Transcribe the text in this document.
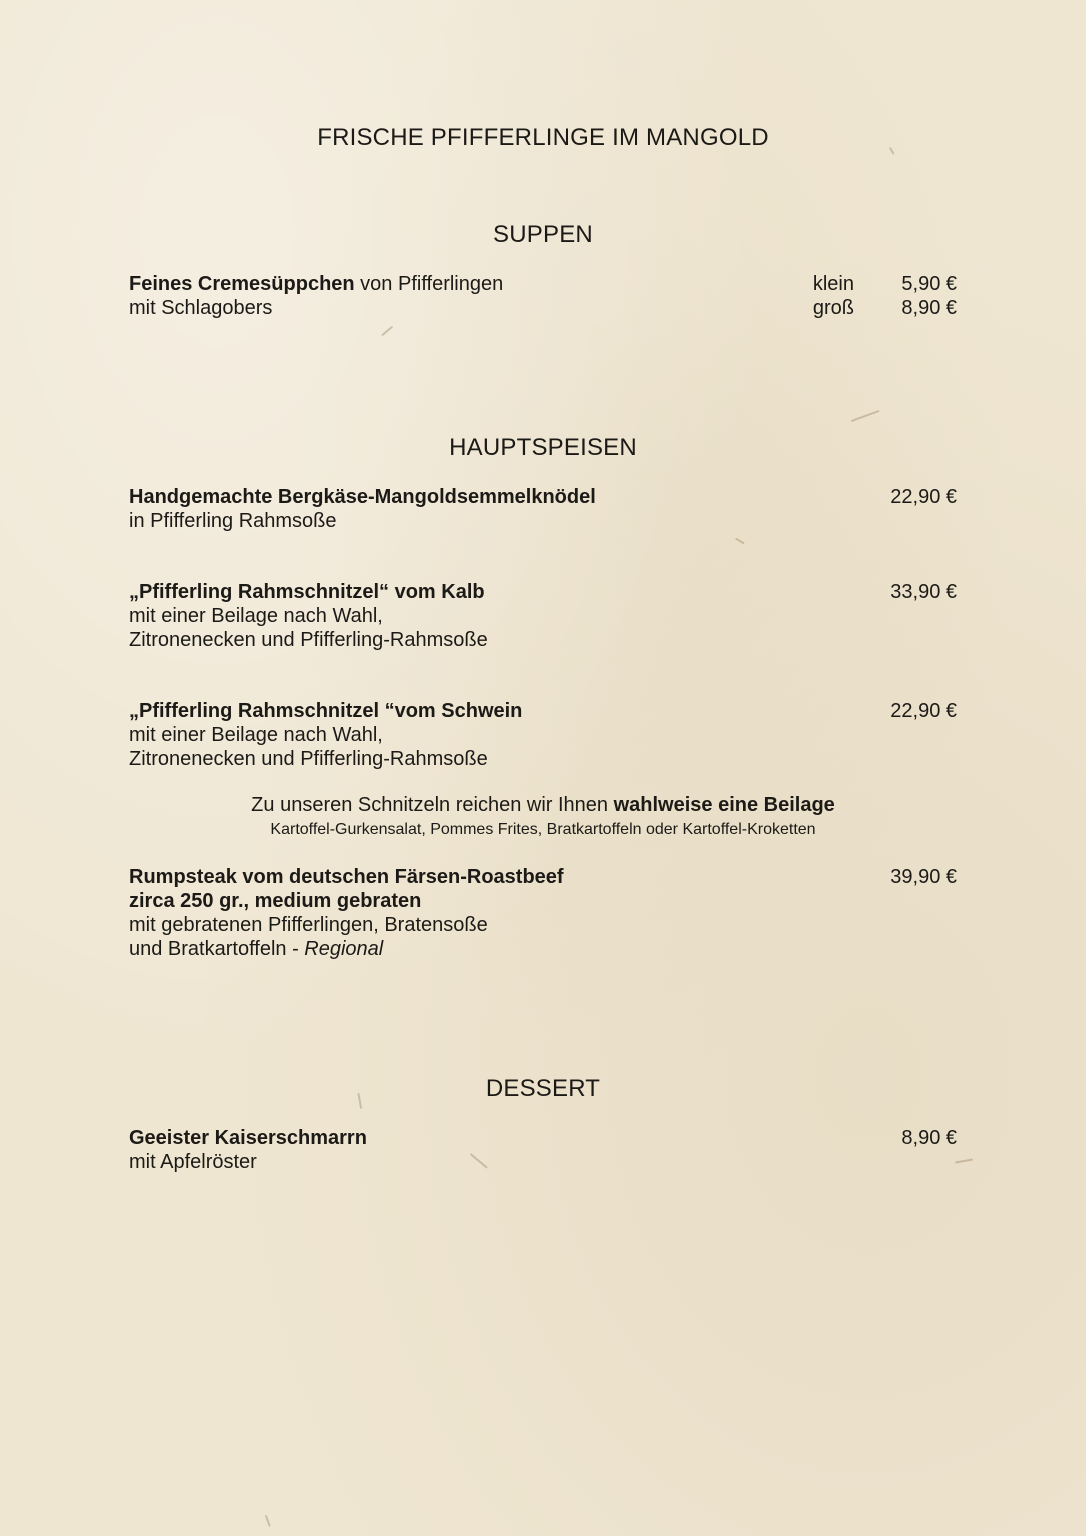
FRISCHE PFIFFERLINGE IM MANGOLD
SUPPEN
Feines Cremesüppchen von Pfifferlingen
mit Schlagobers
klein	5,90 €
groß	8,90 €
HAUPTSPEISEN
Handgemachte Bergkäse-Mangoldsemmelknödel
in Pfifferling Rahmsoße
22,90 €
„Pfifferling Rahmschnitzel“ vom Kalb
mit einer Beilage nach Wahl,
Zitronenecken und Pfifferling-Rahmsoße
33,90 €
„Pfifferling Rahmschnitzel “vom Schwein
mit einer Beilage nach Wahl,
Zitronenecken und Pfifferling-Rahmsoße
22,90 €
Zu unseren Schnitzeln reichen wir Ihnen wahlweise eine Beilage
Kartoffel-Gurkensalat, Pommes Frites, Bratkartoffeln oder Kartoffel-Kroketten
Rumpsteak vom deutschen Färsen-Roastbeef
zirca 250 gr., medium gebraten
mit gebratenen Pfifferlingen, Bratensoße
und Bratkartoffeln - Regional
39,90 €
DESSERT
Geeister Kaiserschmarrn
mit Apfelröster
8,90 €
